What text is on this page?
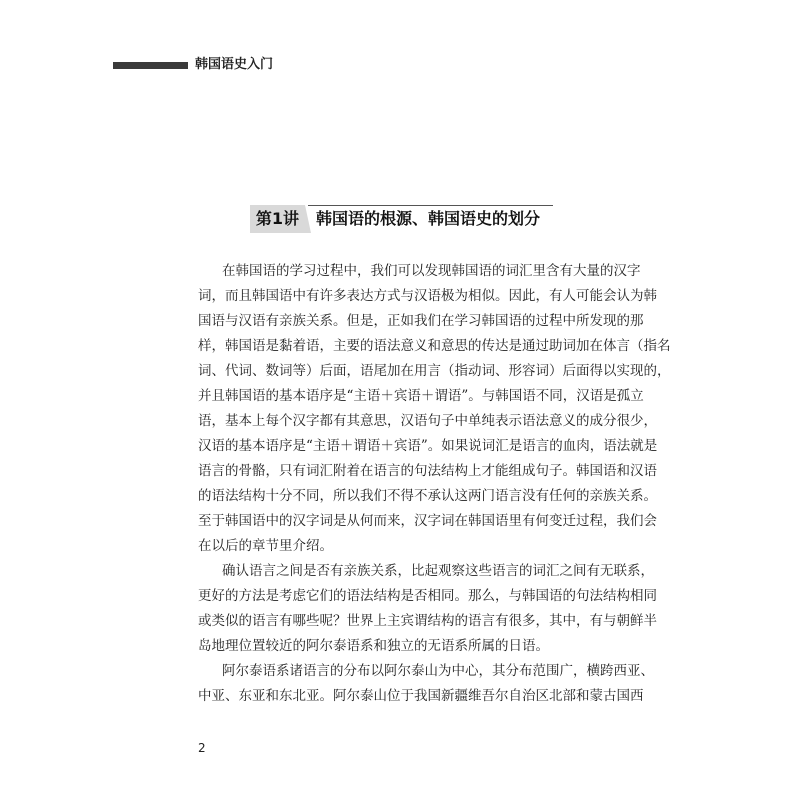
韩国语史入门
第1讲	韩国语的根源、韩国语史的划分
在韩国语的学习过程中，我们可以发现韩国语的词汇里含有大量的汉字
词，而且韩国语中有许多表达方式与汉语极为相似。因此，有人可能会认为韩
国语与汉语有亲族关系。但是，正如我们在学习韩国语的过程中所发现的那
样，韩国语是黏着语，主要的语法意义和意思的传达是通过助词加在体言（指名
词、代词、数词等）后面，语尾加在用言（指动词、形容词）后面得以实现的，
并且韩国语的基本语序是“主语＋宾语＋谓语”。与韩国语不同，汉语是孤立
语，基本上每个汉字都有其意思，汉语句子中单纯表示语法意义的成分很少，
汉语的基本语序是“主语＋谓语＋宾语”。如果说词汇是语言的血肉，语法就是
语言的骨骼，只有词汇附着在语言的句法结构上才能组成句子。韩国语和汉语
的语法结构十分不同，所以我们不得不承认这两门语言没有任何的亲族关系。
至于韩国语中的汉字词是从何而来，汉字词在韩国语里有何变迁过程，我们会
在以后的章节里介绍。
确认语言之间是否有亲族关系，比起观察这些语言的词汇之间有无联系，
更好的方法是考虑它们的语法结构是否相同。那么，与韩国语的句法结构相同
或类似的语言有哪些呢？世界上主宾谓结构的语言有很多，其中，有与朝鲜半
岛地理位置较近的阿尔泰语系和独立的无语系所属的日语。
阿尔泰语系诸语言的分布以阿尔泰山为中心，其分布范围广，横跨西亚、
中亚、东亚和东北亚。阿尔泰山位于我国新疆维吾尔自治区北部和蒙古国西
2
